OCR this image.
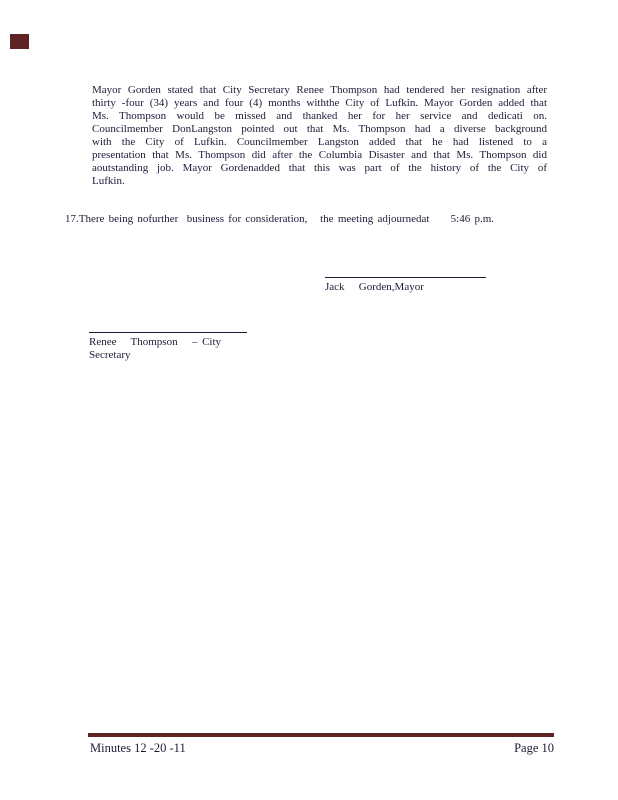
Mayor Gorden stated that City Secretary Renee Thompson had tendered her resignation after
thirty -four (34) years and four (4) months withthe City of Lufkin. Mayor Gorden added that
Ms. Thompson would be missed and thanked her for her service and dedicati on.
Councilmember DonLangston pointed out that Ms. Thompson had a diverse background
with the City of Lufkin. Councilmember Langston added that he had listened to a
presentation that Ms. Thompson did after the Columbia Disaster and that Ms. Thompson did
aoutstanding job. Mayor Gordenadded that this was part of the history of the City of
Lufkin.
17.There being nofurther  business for consideration,   the meeting adjournedat     5:46 p.m.
Jack   Gorden,Mayor
Renee   Thompson   – City  Secretary
Minutes 12 -20 -11	Page 10
